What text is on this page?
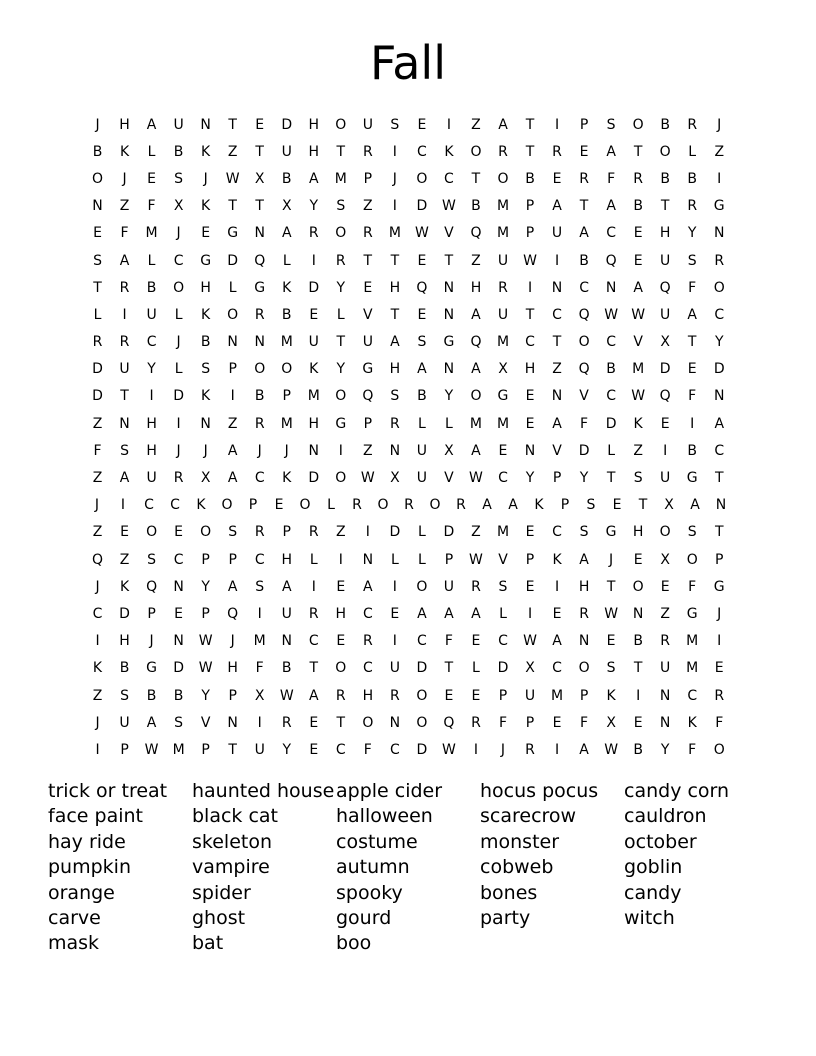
Fall
J	H	A	U	N	T	E	D	H	O	U	S	E	I	Z	A	T	I	P	S	O	B	R	J
B	K	L	B	K	Z	T	U	H	T	R	I	C	K	O	R	T	R	E	A	T	O	L	Z
O	J	E	S	J	W	X	B	A	M	P	J	O	C	T	O	B	E	R	F	R	B	B	I
N	Z	F	X	K	T	T	X	Y	S	Z	I	D	W	B	M	P	A	T	A	B	T	R	G
E	F	M	J	E	G	N	A	R	O	R	M	W	V	Q	M	P	U	A	C	E	H	Y	N
S	A	L	C	G	D	Q	L	I	R	T	T	E	T	Z	U	W	I	B	Q	E	U	S	R
T	R	B	O	H	L	G	K	D	Y	E	H	Q	N	H	R	I	N	C	N	A	Q	F	O
L	I	U	L	K	O	R	B	E	L	V	T	E	N	A	U	T	C	Q	W W	U	A	C
R	R	C	J	B	N	N	M	U	T	U	A	S	G	Q	M	C	T	O	C	V	X	T	Y
D	U	Y	L	S	P	O	O	K	Y	G	H	A	N	A	X	H	Z	Q	B	M	D	E	D
D	T	I	D	K	I	B	P	M	O	Q	S	B	Y	O	G	E	N	V	C	W	Q	F	N
Z	N	H	I	N	Z	R	M	H	G	P	R	L	L	M	M	E	A	F	D	K	E	I	A
F	S	H	J	J	A	J	J	N	I	Z	N	U	X	A	E	N	V	D	L	Z	I	B	C
Z	A	U	R	X	A	C	K	D	O	W	X	U	V	W	C	Y	P	Y	T	S	U	G	T
J	I	C	C	K	O	P	E	O	L	R	O	R	O	R	A	A	K	P	S	E	T	X	A	N
Z	E	O	E	O	S	R	P	R	Z	I	D	L	D	Z	M	E	C	S	G	H	O	S	T
Q	Z	S	C	P	P	C	H	L	I	N	L	L	P	W	V	P	K	A	J	E	X	O	P
J	K	Q	N	Y	A	S	A	I	E	A	I	O	U	R	S	E	I	H	T	O	E	F	G
C	D	P	E	P	Q	I	U	R	H	C	E	A	A	A	L	I	E	R	W	N	Z	G	J
I	H	J	N	W	J	M	N	C	E	R	I	C	F	E	C	W	A	N	E	B	R	M	I
K	B	G	D	W	H	F	B	T	O	C	U	D	T	L	D	X	C	O	S	T	U	M	E
Z	S	B	B	Y	P	X	W	A	R	H	R	O	E	E	P	U	M	P	K	I	N	C	R
J	U	A	S	V	N	I	R	E	T	O	N	O	Q	R	F	P	E	F	X	E	N	K	F
I	P	W	M	P	T	U	Y	E	C	F	C	D	W	I	J	R	I	A	W	B	Y	F	O
trick or treat
face paint
hay ride
pumpkin
orange
carve
mask
haunted house
black cat
skeleton
vampire
spider
ghost
bat
apple cider
halloween
costume
autumn
spooky
gourd
boo
hocus pocus
scarecrow
monster
cobweb
bones
party
candy corn
cauldron
october
goblin
candy
witch
